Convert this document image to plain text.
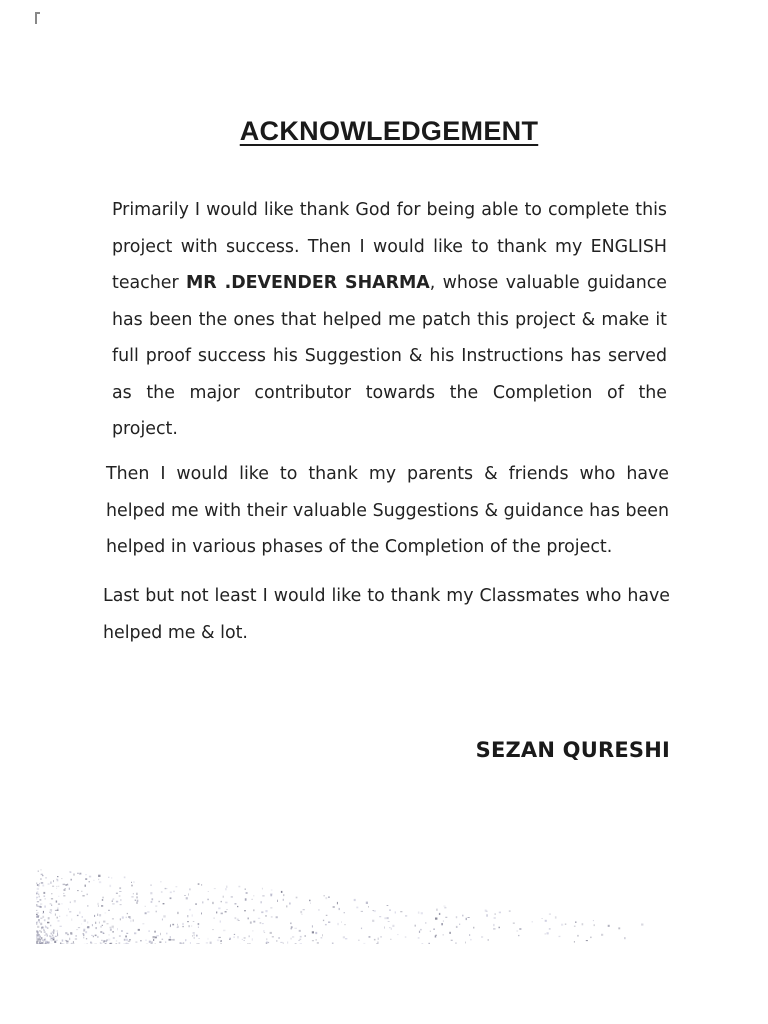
ACKNOWLEDGEMENT
Primarily I would like thank God for being able to complete this
project with success. Then I would like to thank my ENGLISH
teacher MR .DEVENDER SHARMA, whose valuable guidance
has been the ones that helped me patch this project & make it
full proof success his Suggestion & his Instructions has served
as the major contributor towards the Completion of the
project.
Then I would like to thank my parents & friends who have
helped me with their valuable Suggestions & guidance has been
helped in various phases of the Completion of the project.
Last but not least I would like to thank my Classmates who have
helped me & lot.
SEZAN QURESHI
